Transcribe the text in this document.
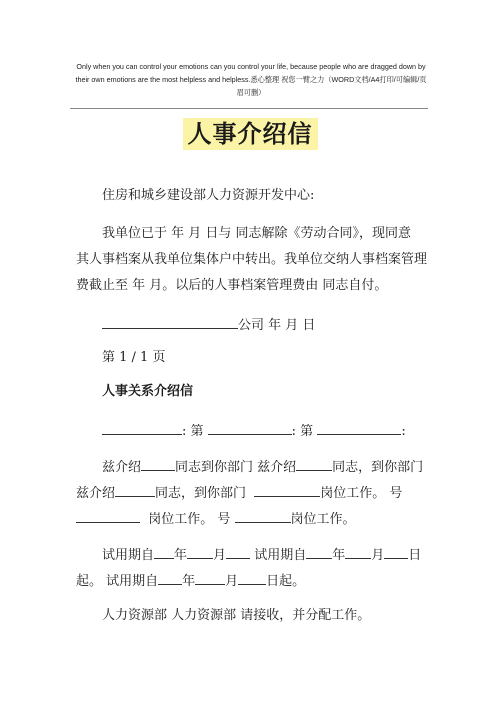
Only when you can control your emotions can you control your life, because people who are dragged down by their own emotions are the most helpless and helpless.悉心整理 祝您一臂之力（WORD文档/A4打印/可编辑/页眉可删）
人事介绍信
住房和城乡建设部人力资源开发中心:
我单位已于 年 月 日与 同志解除《劳动合同》，现同意
其人事档案从我单位集体户中转出。我单位交纳人事档案管理
费截止至 年 月。以后的人事档案管理费由 同志自付。
公司 年 月 日
第 1 / 1 页
人事关系介绍信
: 第	: 第	:
兹介绍	同志到你部门 兹介绍	同志，到你部门
兹介绍	同志，到你部门	岗位工作。 号
岗位工作。 号	岗位工作。
试用期自 年 月 试用期自 年 月 日
起。 试用期自 年 月 日起。
人力资源部 人力资源部 请接收，并分配工作。
